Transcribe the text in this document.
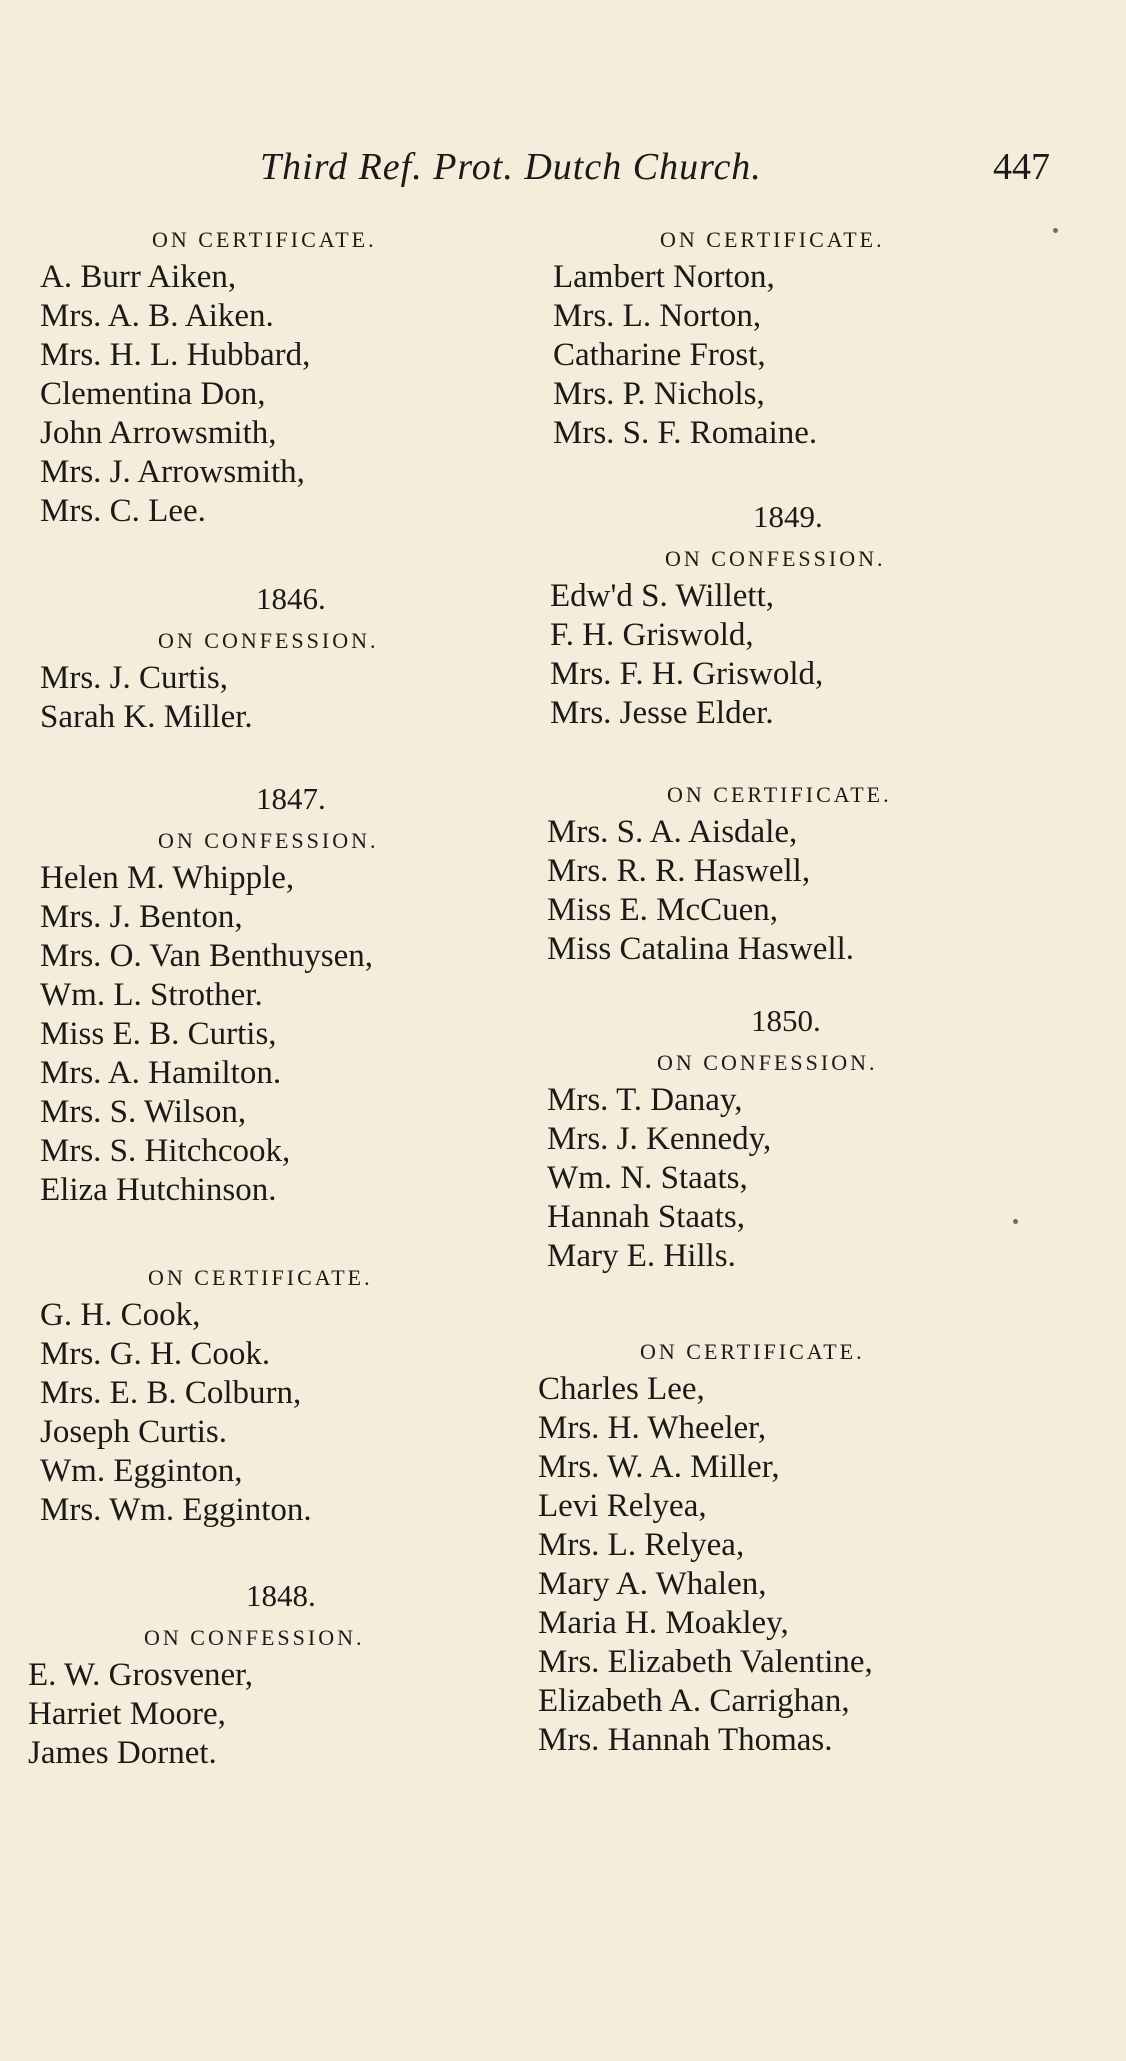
Third Ref. Prot. Dutch Church.	447
ON CERTIFICATE.
A. Burr Aiken,
Mrs. A. B. Aiken.
Mrs. H. L. Hubbard,
Clementina Don,
John Arrowsmith,
Mrs. J. Arrowsmith,
Mrs. C. Lee.
1846.
ON CONFESSION.
Mrs. J. Curtis,
Sarah K. Miller.
1847.
ON CONFESSION.
Helen M. Whipple,
Mrs. J. Benton,
Mrs. O. Van Benthuysen,
Wm. L. Strother.
Miss E. B. Curtis,
Mrs. A. Hamilton.
Mrs. S. Wilson,
Mrs. S. Hitchcook,
Eliza Hutchinson.
ON CERTIFICATE.
G. H. Cook,
Mrs. G. H. Cook.
Mrs. E. B. Colburn,
Joseph Curtis.
Wm. Egginton,
Mrs. Wm. Egginton.
1848.
ON CONFESSION.
E. W. Grosvener,
Harriet Moore,
James Dornet.
ON CERTIFICATE.
Lambert Norton,
Mrs. L. Norton,
Catharine Frost,
Mrs. P. Nichols,
Mrs. S. F. Romaine.
1849.
ON CONFESSION.
Edw'd S. Willett,
F. H. Griswold,
Mrs. F. H. Griswold,
Mrs. Jesse Elder.
ON CERTIFICATE.
Mrs. S. A. Aisdale,
Mrs. R. R. Haswell,
Miss E. McCuen,
Miss Catalina Haswell.
1850.
ON CONFESSION.
Mrs. T. Danay,
Mrs. J. Kennedy,
Wm. N. Staats,
Hannah Staats,
Mary E. Hills.
ON CERTIFICATE.
Charles Lee,
Mrs. H. Wheeler,
Mrs. W. A. Miller,
Levi Relyea,
Mrs. L. Relyea,
Mary A. Whalen,
Maria H. Moakley,
Mrs. Elizabeth Valentine,
Elizabeth A. Carrighan,
Mrs. Hannah Thomas.
